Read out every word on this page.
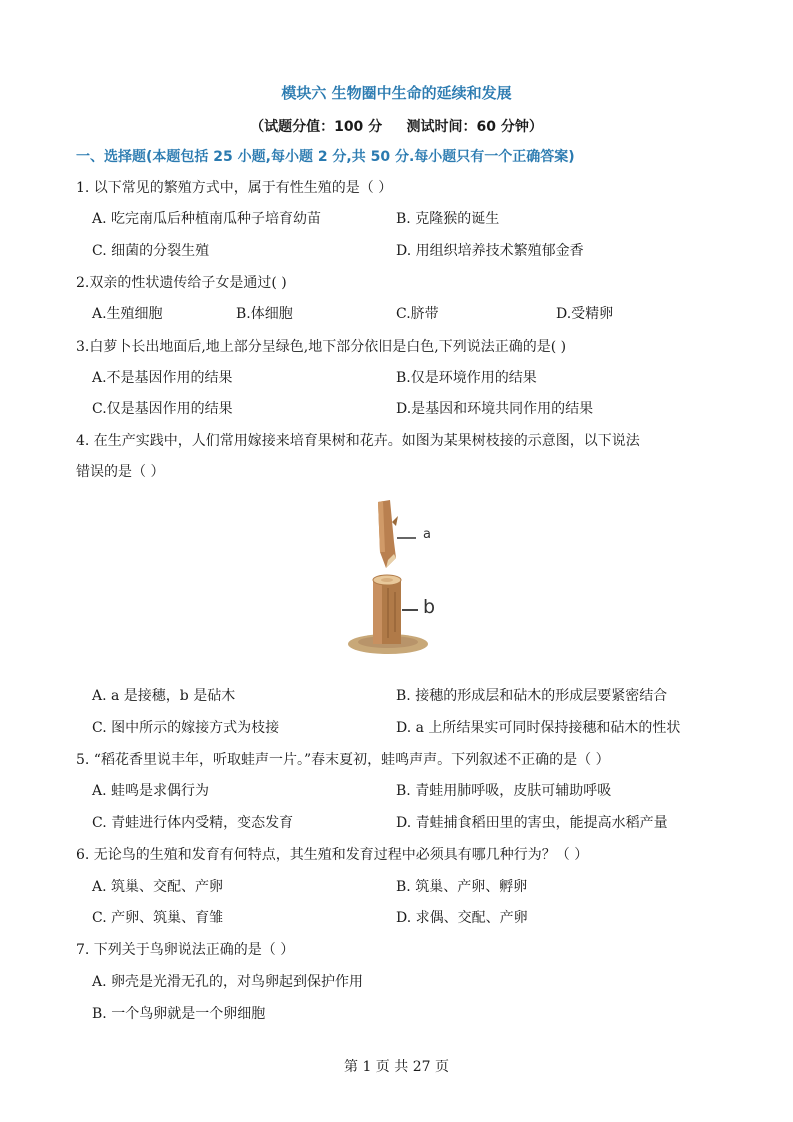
模块六 生物圈中生命的延续和发展
（试题分值：100 分     测试时间：60 分钟）
一、选择题(本题包括 25 小题,每小题 2 分,共 50 分.每小题只有一个正确答案)
1. 以下常见的繁殖方式中，属于有性生殖的是（ ）
A. 吃完南瓜后种植南瓜种子培育幼苗	B. 克隆猴的诞生
C. 细菌的分裂生殖	D. 用组织培养技术繁殖郁金香
2.双亲的性状遗传给子女是通过( )
A.生殖细胞	B.体细胞	C.脐带	D.受精卵
3.白萝卜长出地面后,地上部分呈绿色,地下部分依旧是白色,下列说法正确的是( )
A.不是基因作用的结果	B.仅是环境作用的结果
C.仅是基因作用的结果	D.是基因和环境共同作用的结果
4. 在生产实践中，人们常用嫁接来培育果树和花卉。如图为某果树枝接的示意图，以下说法
错误的是（ ）
a
b
A. a 是接穗，b 是砧木	B. 接穗的形成层和砧木的形成层要紧密结合
C. 图中所示的嫁接方式为枝接	D. a 上所结果实可同时保持接穗和砧木的性状
5. “稻花香里说丰年，听取蛙声一片。”春末夏初，蛙鸣声声。下列叙述不正确的是（ ）
A. 蛙鸣是求偶行为	B. 青蛙用肺呼吸，皮肤可辅助呼吸
C. 青蛙进行体内受精，变态发育	D. 青蛙捕食稻田里的害虫，能提高水稻产量
6. 无论鸟的生殖和发育有何特点，其生殖和发育过程中必须具有哪几种行为？（ ）
A. 筑巢、交配、产卵	B. 筑巢、产卵、孵卵
C. 产卵、筑巢、育雏	D. 求偶、交配、产卵
7. 下列关于鸟卵说法正确的是（ ）
A. 卵壳是光滑无孔的，对鸟卵起到保护作用
B. 一个鸟卵就是一个卵细胞
第 1 页 共 27 页
